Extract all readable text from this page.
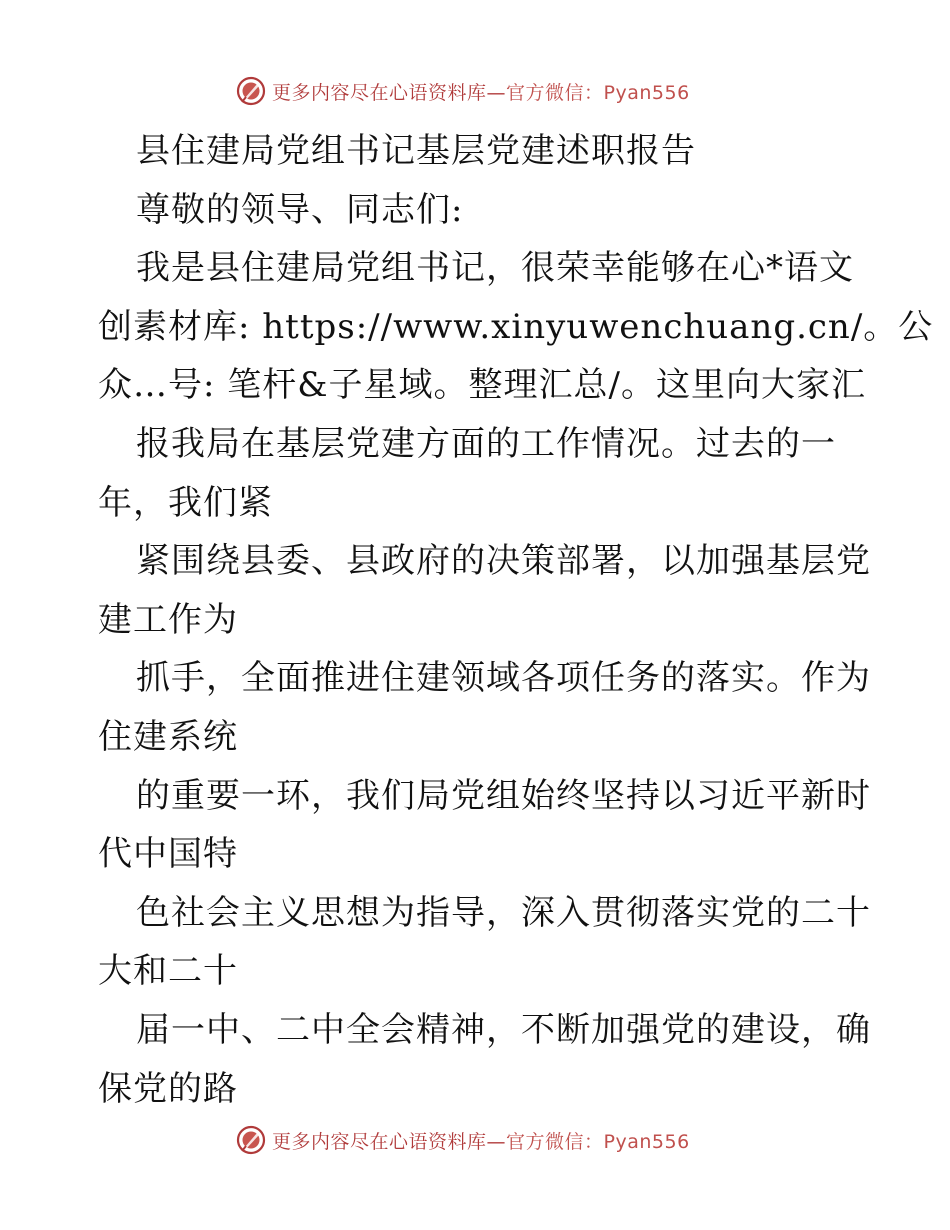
更多内容尽在心语资料库—官方微信：Pyan556
县住建局党组书记基层党建述职报告
尊敬的领导、同志们:
我是县住建局党组书记，很荣幸能够在心*语文
创素材库: https://www.xinyuwenchuang.cn/。公
众…号: 笔杆&子星域。整理汇总/。这里向大家汇
报我局在基层党建方面的工作情况。过去的一
年，我们紧
紧围绕县委、县政府的决策部署，以加强基层党
建工作为
抓手，全面推进住建领域各项任务的落实。作为
住建系统
的重要一环，我们局党组始终坚持以习近平新时
代中国特
色社会主义思想为指导，深入贯彻落实党的二十
大和二十
届一中、二中全会精神，不断加强党的建设，确
保党的路
更多内容尽在心语资料库—官方微信：Pyan556
